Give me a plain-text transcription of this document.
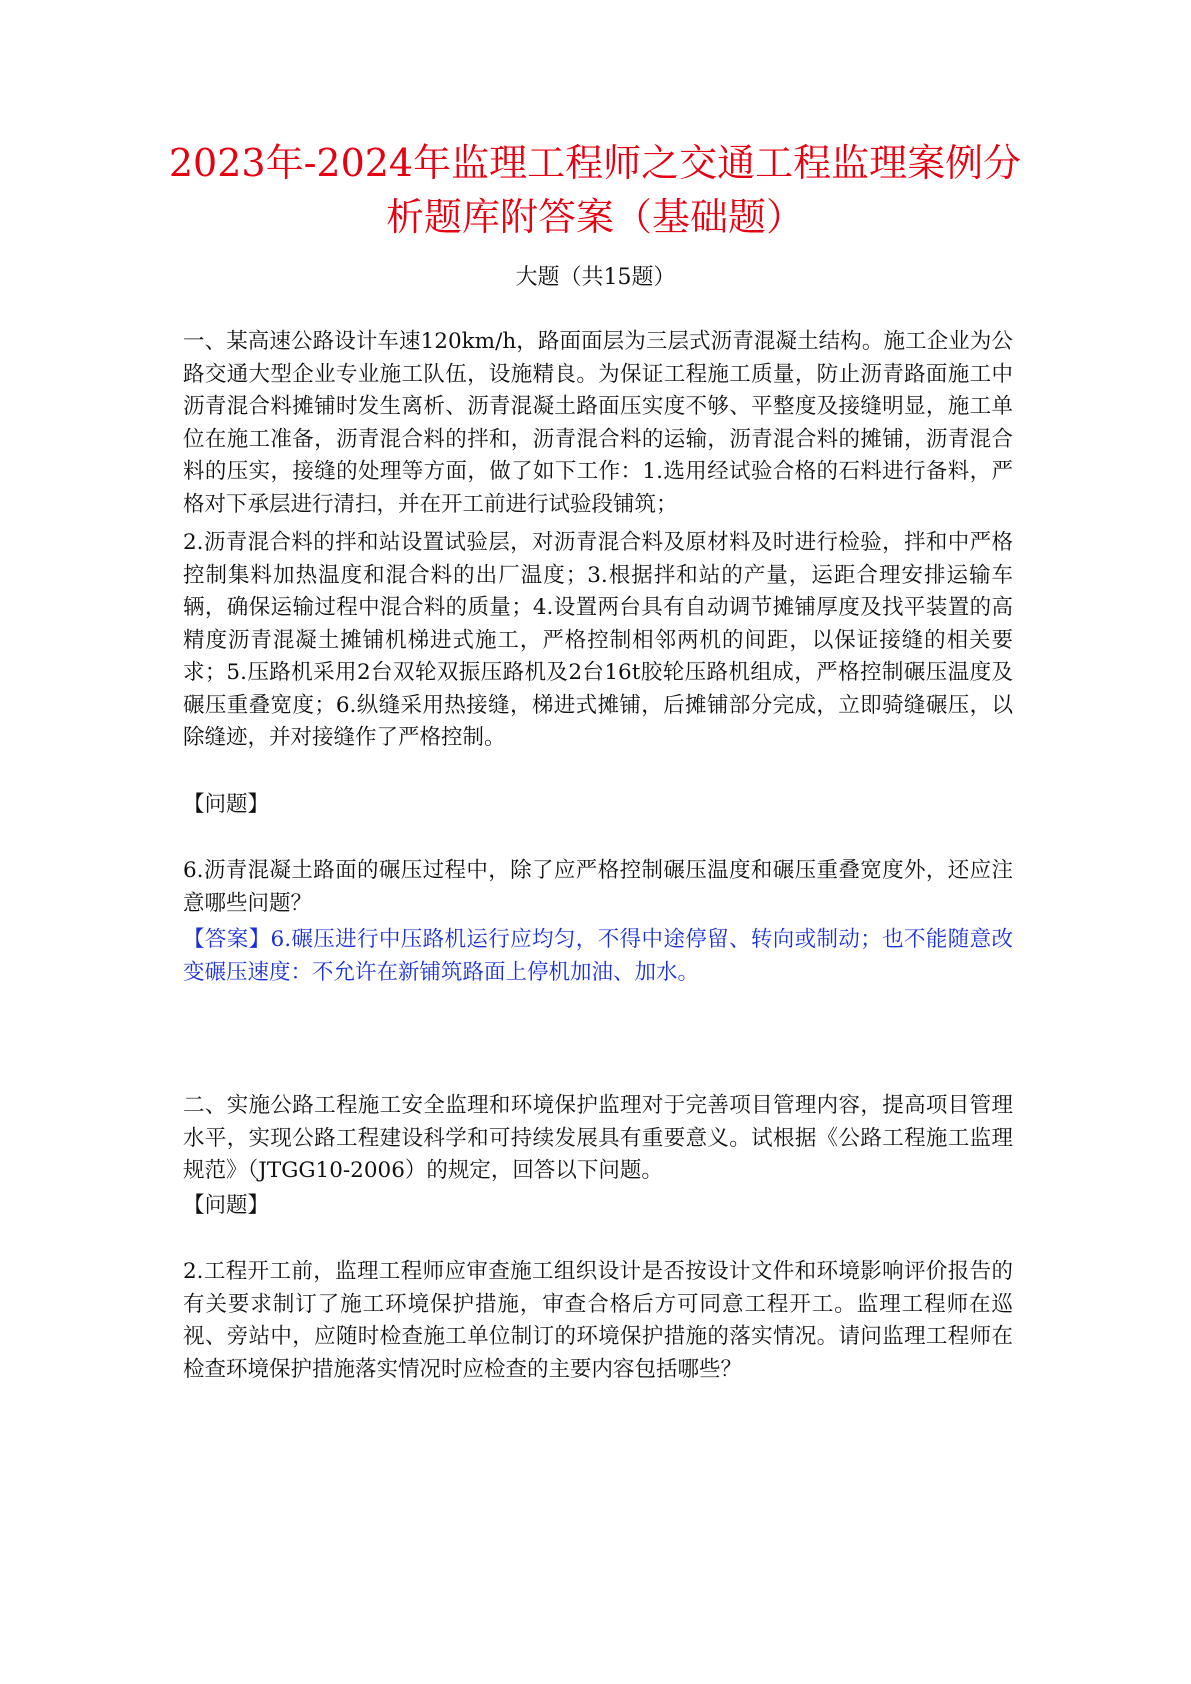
2023年-2024年监理工程师之交通工程监理案例分析题库附答案（基础题）
大题（共15题）

一、某高速公路设计车速120km/h，路面面层为三层式沥青混凝土结构。施工企业为公路交通大型企业专业施工队伍，设施精良。为保证工程施工质量，防止沥青路面施工中沥青混合料摊铺时发生离析、沥青混凝土路面压实度不够、平整度及接缝明显，施工单位在施工准备，沥青混合料的拌和，沥青混合料的运输，沥青混合料的摊铺，沥青混合料的压实，接缝的处理等方面，做了如下工作：1.选用经试验合格的石料进行备料，严格对下承层进行清扫，并在开工前进行试验段铺筑；

2.沥青混合料的拌和站设置试验层，对沥青混合料及原材料及时进行检验，拌和中严格控制集料加热温度和混合料的出厂温度；3.根据拌和站的产量，运距合理安排运输车辆，确保运输过程中混合料的质量；4.设置两台具有自动调节摊铺厚度及找平装置的高精度沥青混凝土摊铺机梯进式施工，严格控制相邻两机的间距，以保证接缝的相关要求；5.压路机采用2台双轮双振压路机及2台16t胶轮压路机组成，严格控制碾压温度及碾压重叠宽度；6.纵缝采用热接缝，梯进式摊铺，后摊铺部分完成，立即骑缝碾压，以除缝迹，并对接缝作了严格控制。

【问题】

6.沥青混凝土路面的碾压过程中，除了应严格控制碾压温度和碾压重叠宽度外，还应注意哪些问题？

【答案】6.碾压进行中压路机运行应均匀，不得中途停留、转向或制动；也不能随意改变碾压速度：不允许在新铺筑路面上停机加油、加水。

二、实施公路工程施工安全监理和环境保护监理对于完善项目管理内容，提高项目管理水平，实现公路工程建设科学和可持续发展具有重要意义。试根据《公路工程施工监理规范》（JTGG10-2006）的规定，回答以下问题。

【问题】

2.工程开工前，监理工程师应审查施工组织设计是否按设计文件和环境影响评价报告的有关要求制订了施工环境保护措施，审查合格后方可同意工程开工。监理工程师在巡视、旁站中，应随时检查施工单位制订的环境保护措施的落实情况。请问监理工程师在检查环境保护措施落实情况时应检查的主要内容包括哪些？
